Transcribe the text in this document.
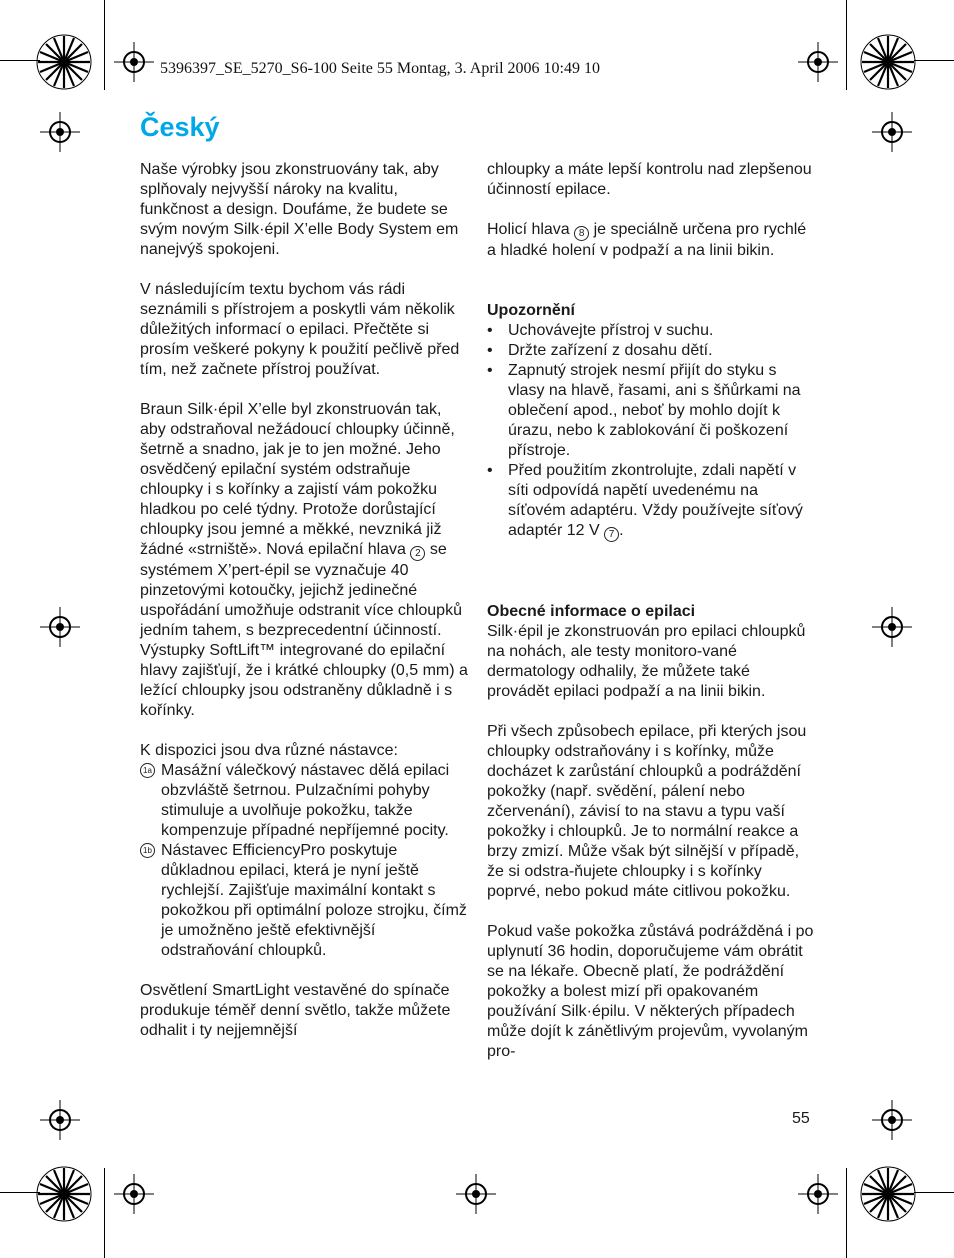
5396397_SE_5270_S6-100 Seite 55 Montag, 3. April 2006 10:49 10
Český

Naše výrobky jsou zkonstruovány tak, aby splňovaly nejvyšší nároky na kvalitu, funkčnost a design. Doufáme, že budete se svým novým Silk·épil X’elle Body System em nanejvýš spokojeni.

V následujícím textu bychom vás rádi seznámili s přístrojem a poskytli vám několik důležitých informací o epilaci. Přečtěte si prosím veškeré pokyny k použití pečlivě před tím, než začnete přístroj používat.

Braun Silk·épil X’elle byl zkonstruován tak, aby odstraňoval nežádoucí chloupky účinně, šetrně a snadno, jak je to jen možné. Jeho osvědčený epilační systém odstraňuje chloupky i s kořínky a zajistí vám pokožku hladkou po celé týdny. Protože dorůstající chloupky jsou jemné a měkké, nevzniká již žádné «strniště». Nová epilační hlava 2 se systémem X’pert-épil se vyznačuje 40 pinzetovými kotoučky, jejichž jedinečné uspořádání umožňuje odstranit více chloupků jedním tahem, s bezprecedentní účinností. Výstupky SoftLift™ integrované do epilační hlavy zajišťují, že i krátké chloupky (0,5 mm) a ležící chloupky jsou odstraněny důkladně i s kořínky.

K dispozici jsou dva různé nástavce:

1a Masážní válečkový nástavec dělá epilaci obzvláště šetrnou. Pulzačními pohyby stimuluje a uvolňuje pokožku, takže kompenzuje případné nepříjemné pocity.
1b Nástavec EfficiencyPro poskytuje důkladnou epilaci, která je nyní ještě rychlejší. Zajišťuje maximální kontakt s pokožkou při optimální poloze strojku, čímž je umožněno ještě efektivnější odstraňování chloupků.

Osvětlení SmartLight vestavěné do spínače produkuje téměř denní světlo, takže můžete odhalit i ty nejjemnější

chloupky a máte lepší kontrolu nad zlepšenou účinností epilace.

Holicí hlava 8 je speciálně určena pro rychlé a hladké holení v podpaží a na linii bikin.

Upozornění
• Uchovávejte přístroj v suchu.
• Držte zařízení z dosahu dětí.
• Zapnutý strojek nesmí přijít do styku s vlasy na hlavě, řasami, ani s šňůrkami na oblečení apod., neboť by mohlo dojít k úrazu, nebo k zablokování či poškození přístroje.
• Před použitím zkontrolujte, zdali napětí v síti odpovídá napětí uvedenému na síťovém adaptéru. Vždy používejte síťový adaptér 12 V 7 .
Obecné informace o epilaci

Silk·épil je zkonstruován pro epilaci chloupků na nohách, ale testy monitoro-vané dermatology odhalily, že můžete také provádět epilaci podpaží a na linii bikin.

Při všech způsobech epilace, při kterých jsou chloupky odstraňovány i s kořínky, může docházet k zarůstání chloupků a podráždění pokožky (např. svědění, pálení nebo zčervenání), závisí to na stavu a typu vaší pokožky i chloupků. Je to normální reakce a brzy zmizí. Může však být silnější v případě, že si odstra-ňujete chloupky i s kořínky poprvé, nebo pokud máte citlivou pokožku.

Pokud vaše pokožka zůstává podrážděná i po uplynutí 36 hodin, doporučujeme vám obrátit se na lékaře. Obecně platí, že podráždění pokožky a bolest mizí při opakovaném používání Silk·épilu. V některých případech může dojít k zánětlivým projevům, vyvolaným pro-

55
